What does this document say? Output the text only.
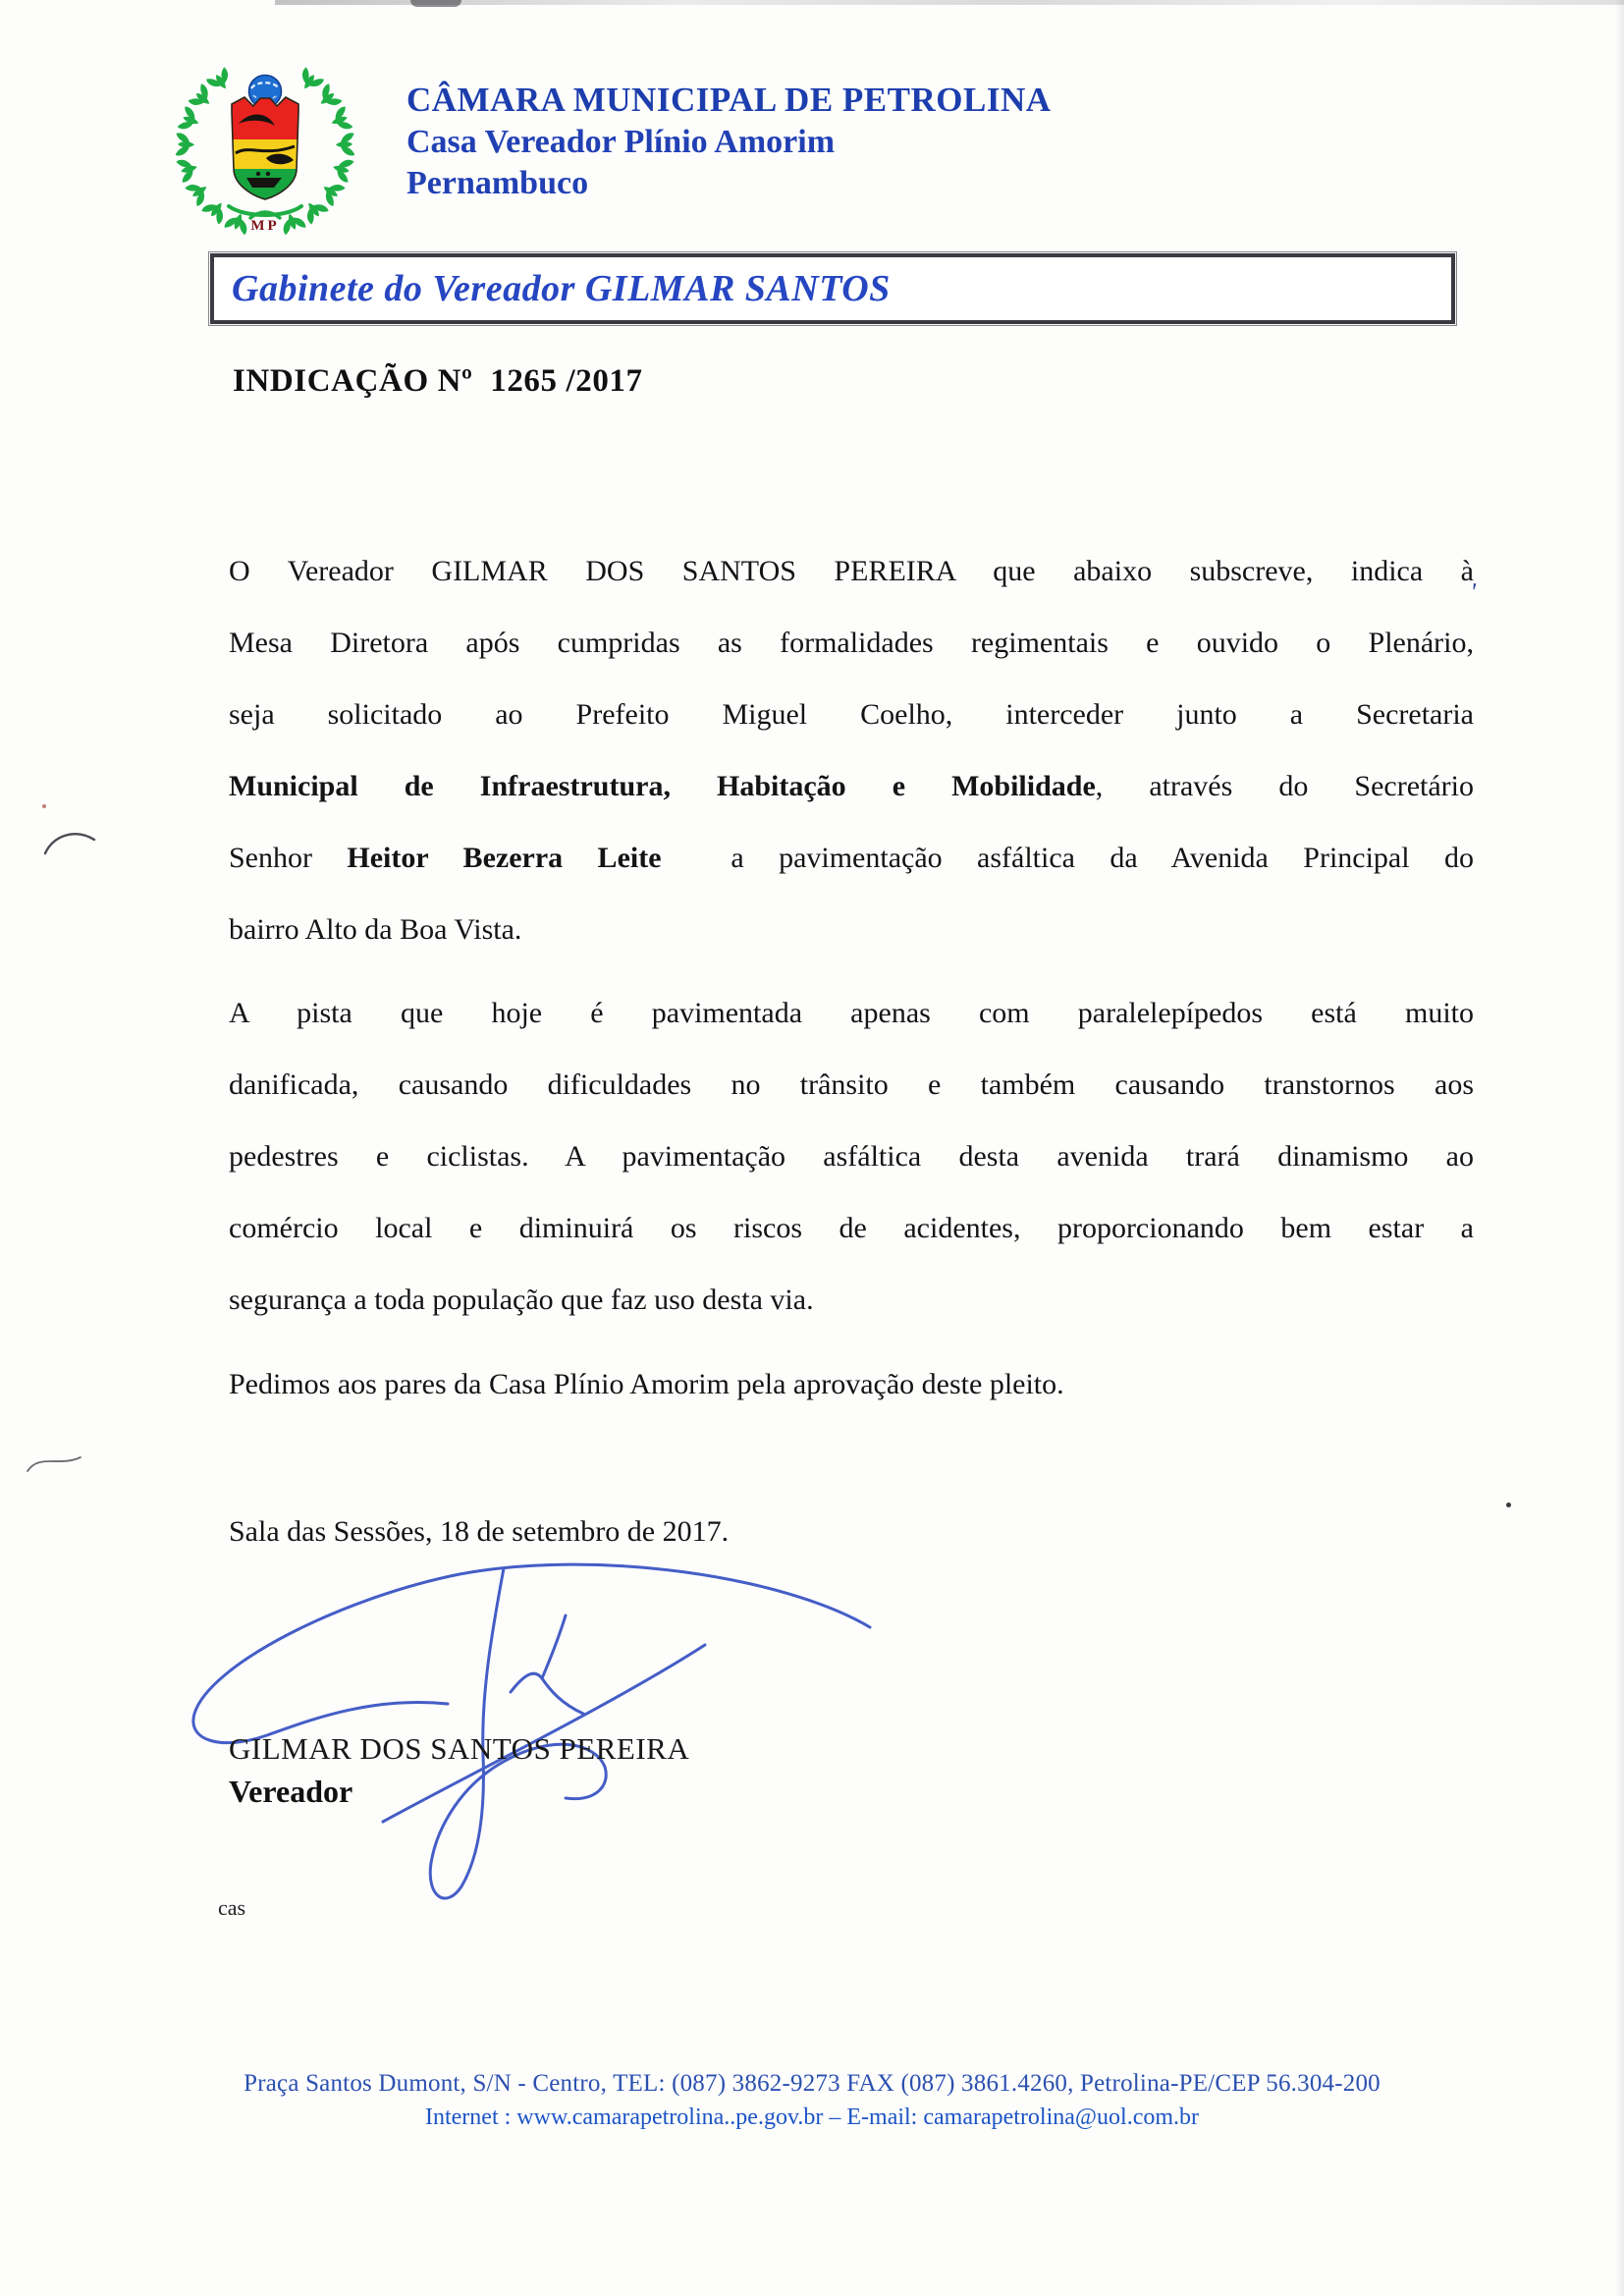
'
MP
CÂMARA MUNICIPAL DE PETROLINA
Casa Vereador Plínio Amorim
Pernambuco
Gabinete do Vereador GILMAR SANTOS
INDICAÇÃO Nº  1265 /2017
O Vereador GILMAR DOS SANTOS PEREIRA que abaixo subscreve, indica à
Mesa Diretora após cumpridas as formalidades regimentais e ouvido o Plenário,
seja solicitado ao Prefeito Miguel Coelho, interceder junto a Secretaria
Municipal de Infraestrutura, Habitação e Mobilidade, através do Secretário
Senhor Heitor Bezerra Leite  a pavimentação asfáltica da Avenida Principal do
bairro Alto da Boa Vista.
A pista que hoje é pavimentada apenas com paralelepípedos está muito
danificada, causando dificuldades no trânsito e também causando transtornos aos
pedestres e ciclistas. A pavimentação asfáltica desta avenida trará dinamismo ao
comércio local e diminuirá os riscos de acidentes, proporcionando bem estar a
segurança a toda população que faz uso desta via.
Pedimos aos pares da Casa Plínio Amorim pela aprovação deste pleito.
Sala das Sessões, 18 de setembro de 2017.
GILMAR DOS SANTOS PEREIRA
Vereador
cas
Praça Santos Dumont, S/N - Centro, TEL: (087) 3862-9273 FAX (087) 3861.4260, Petrolina-PE/CEP 56.304-200
Internet : www.camarapetrolina..pe.gov.br – E-mail: camarapetrolina@uol.com.br
